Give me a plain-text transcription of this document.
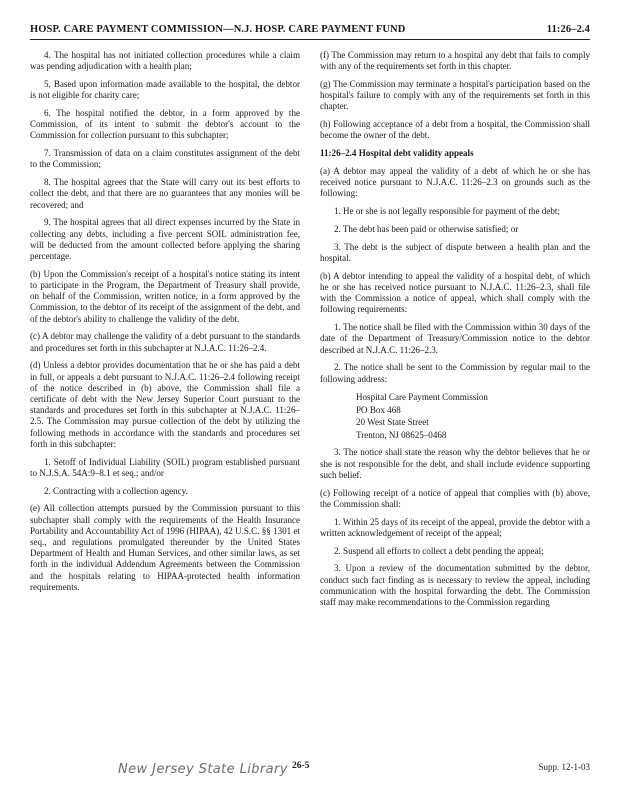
HOSP. CARE PAYMENT COMMISSION—N.J. HOSP. CARE PAYMENT FUND	11:26–2.4

4. The hospital has not initiated collection procedures while a claim was pending adjudication with a health plan;

5. Based upon information made available to the hospital, the debtor is not eligible for charity care;

6. The hospital notified the debtor, in a form approved by the Commission, of its intent to submit the debtor's account to the Commission for collection pursuant to this subchapter;

7. Transmission of data on a claim constitutes assignment of the debt to the Commission;

8. The hospital agrees that the State will carry out its best efforts to collect the debt, and that there are no guarantees that any monies will be recovered; and

9. The hospital agrees that all direct expenses incurred by the State in collecting any debts, including a five percent SOIL administration fee, will be deducted from the amount collected before applying the sharing percentage.

(b) Upon the Commission's receipt of a hospital's notice stating its intent to participate in the Program, the Department of Treasury shall provide, on behalf of the Commission, written notice, in a form approved by the Commission, to the debtor of its receipt of the assignment of the debt, and of the debtor's ability to challenge the validity of the debt.

(c) A debtor may challenge the validity of a debt pursuant to the standards and procedures set forth in this subchapter at N.J.A.C. 11:26–2.4.

(d) Unless a debtor provides documentation that he or she has paid a debt in full, or appeals a debt pursuant to N.J.A.C. 11:26–2.4 following receipt of the notice described in (b) above, the Commission shall file a certificate of debt with the New Jersey Superior Court pursuant to the standards and procedures set forth in this subchapter at N.J.A.C. 11:26–2.5. The Commission may pursue collection of the debt by utilizing the following methods in accordance with the standards and procedures set forth in this subchapter:

1. Setoff of Individual Liability (SOIL) program established pursuant to N.J.S.A. 54A:9–8.1 et seq.; and/or

2. Contracting with a collection agency.

(e) All collection attempts pursued by the Commission pursuant to this subchapter shall comply with the requirements of the Health Insurance Portability and Accountability Act of 1996 (HIPAA), 42 U.S.C. §§ 1301 et seq., and regulations promulgated thereunder by the United States Department of Health and Human Services, and other similar laws, as set forth in the individual Addendum Agreements between the Commission and the hospitals relating to HIPAA-protected health information requirements.

(f) The Commission may return to a hospital any debt that fails to comply with any of the requirements set forth in this chapter.

(g) The Commission may terminate a hospital's participation based on the hospital's failure to comply with any of the requirements set forth in this chapter.

(h) Following acceptance of a debt from a hospital, the Commission shall become the owner of the debt.

11:26–2.4 Hospital debt validity appeals

(a) A debtor may appeal the validity of a debt of which he or she has received notice pursuant to N.J.A.C. 11:26–2.3 on grounds such as the following:

1. He or she is not legally responsible for payment of the debt;

2. The debt has been paid or otherwise satisfied; or

3. The debt is the subject of dispute between a health plan and the hospital.

(b) A debtor intending to appeal the validity of a hospital debt, of which he or she has received notice pursuant to N.J.A.C. 11:26–2.3, shall file with the Commission a notice of appeal, which shall comply with the following requirements:

1. The notice shall be filed with the Commission within 30 days of the date of the Department of Treasury/Commission notice to the debtor described at N.J.A.C. 11:26–2.3.

2. The notice shall be sent to the Commission by regular mail to the following address:

Hospital Care Payment Commission
PO Box 468
20 West State Street
Trenton, NJ 08625–0468

3. The notice shall state the reason why the debtor believes that he or she is not responsible for the debt, and shall include evidence supporting such belief.

(c) Following receipt of a notice of appeal that complies with (b) above, the Commission shall:

1. Within 25 days of its receipt of the appeal, provide the debtor with a written acknowledgement of receipt of the appeal;

2. Suspend all efforts to collect a debt pending the appeal;

3. Upon a review of the documentation submitted by the debtor, conduct such fact finding as is necessary to review the appeal, including communication with the hospital forwarding the debt. The Commission staff may make recommendations to the Commission regarding

New Jersey State Library 26-5	Supp. 12-1-03
